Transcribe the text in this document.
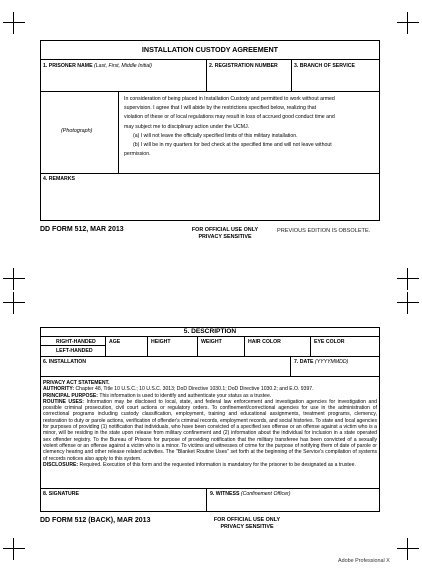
INSTALLATION CUSTODY AGREEMENT
1. PRISONER NAME (Last, First, Middle Initial)	2. REGISTRATION NUMBER	3. BRANCH OF SERVICE
(Photograph)
In consideration of being placed in Installation Custody and permitted to work without armed
supervision. I agree that I will abide by the restrictions specified below, realizing that
violation of these or of local regulations may result in loss of accrued good conduct time and
may subject me to disciplinary action under the UCMJ.
(a) I will not leave the officially specified limits of this military installation.
(b) I will be in my quarters for bed check at the specified time and will not leave without
permission.
4. REMARKS
DD FORM 512, MAR 2013	FOR OFFICIAL USE ONLY
PRIVACY SENSITIVE
PREVIOUS EDITION IS OBSOLETE.
5. DESCRIPTION
RIGHT-HANDED
LEFT-HANDED
AGE	HEIGHT	WEIGHT	HAIR COLOR	EYE COLOR
6. INSTALLATION	7. DATE (YYYYMMDD)
PRIVACY ACT STATEMENT.
AUTHORITY: Chapter 48, Title 10 U.S.C.; 10 U.S.C. 3013; DoD Directive 1030.1; DoD Directive 1030.2; and E.O. 9397.
PRINCIPAL PURPOSE: This information is used to identify and authenticate your status as a trustee.
ROUTINE USES: Information may be disclosed to local, state, and federal law enforcement and investigation agencies for investigation and possible criminal prosecution, civil court actions or regulatory orders. To confinement/correctional agencies for use in the administration of correctional programs including custody classification, employment, training and educational assignments, treatment programs, clemency, restoration to duty or parole actions, verification of offender's criminal records, employment records, and social histories. To state and local agencies for purposes of providing (1) notification that individuals, who have been convicted of a specified sex offense or an offense against a victim who is a minor, will be residing in the state upon release from military confinement and (2) information about the individual for inclusion in a state operated sex offender registry. To the Bureau of Prisons for purpose of providing notification that the military transferee has been convicted of a sexually violent offense or an offense against a victim who is a minor. To victims and witnesses of crime for the purpose of notifying them of date of parole or clemency hearing and other release related activities. The "Blanket Routine Uses" set forth at the beginning of the Service's compilation of systems of records notices also apply to this system.
DISCLOSURE: Required. Execution of this form and the requested information is mandatory for the prisoner to be designated as a trustee.
8. SIGNATURE	9. WITNESS (Confinement Officer)
DD FORM 512 (BACK), MAR 2013	FOR OFFICIAL USE ONLY
PRIVACY SENSITIVE
Adobe Professional X
